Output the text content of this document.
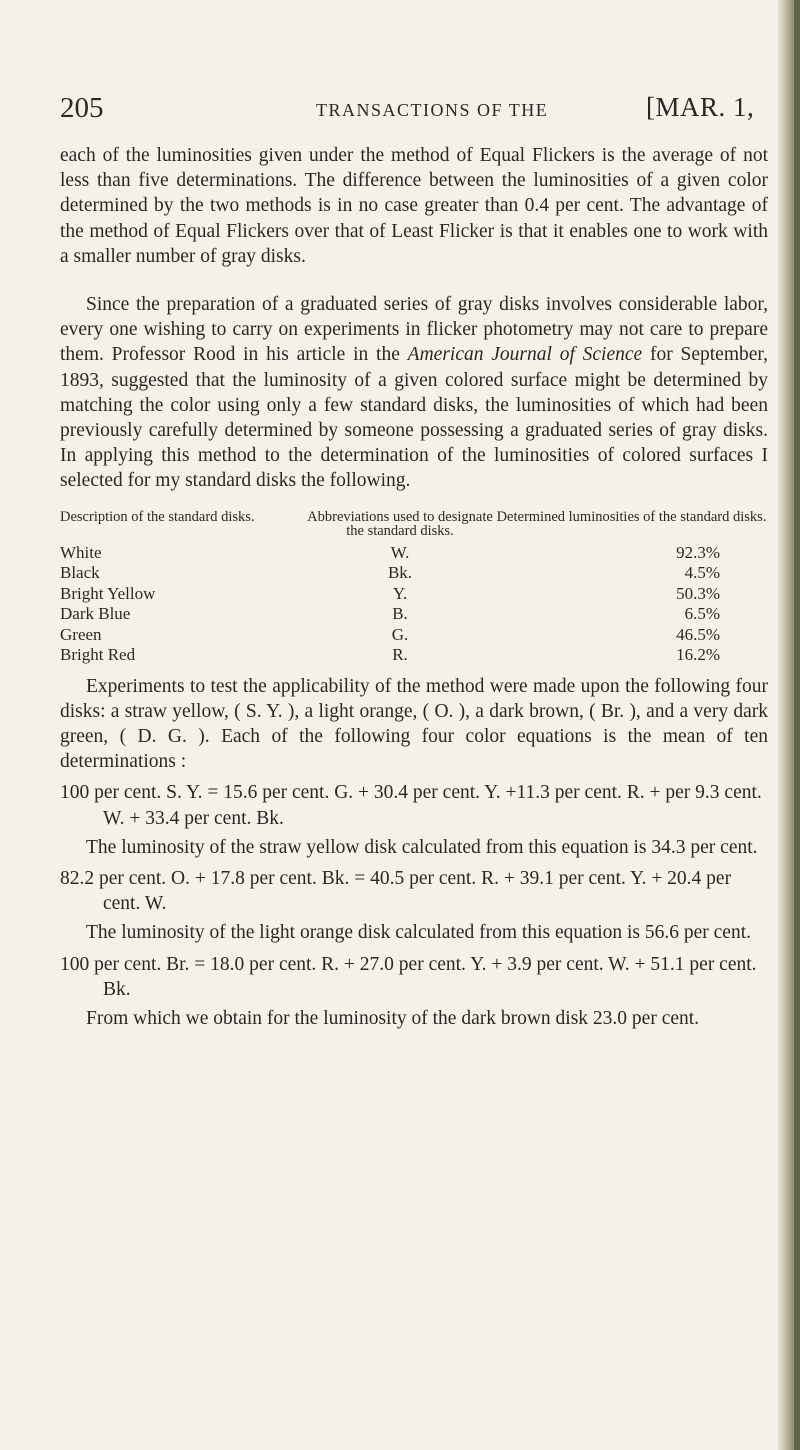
205	TRANSACTIONS OF THE	[MAR. 1,

each of the luminosities given under the method of Equal Flickers is the average of not less than five determinations. The difference between the luminosities of a given color determined by the two methods is in no case greater than 0.4 per cent. The advantage of the method of Equal Flickers over that of Least Flicker is that it enables one to work with a smaller number of gray disks.

Since the preparation of a graduated series of gray disks involves considerable labor, every one wishing to carry on experiments in flicker photometry may not care to prepare them. Professor Rood in his article in the American Journal of Science for September, 1893, suggested that the luminosity of a given colored surface might be determined by matching the color using only a few standard disks, the luminosities of which had been previously carefully determined by someone possessing a graduated series of gray disks. In applying this method to the determination of the luminosities of colored surfaces I selected for my standard disks the following.

Description of the standard disks.	Abbreviations used to designate the standard disks.	Determined luminosities of the standard disks.
White	W.	92.3%
Black	Bk.	4.5%
Bright Yellow	Y.	50.3%
Dark Blue	B.	6.5%
Green	G.	46.5%
Bright Red	R.	16.2%

Experiments to test the applicability of the method were made upon the following four disks: a straw yellow, ( S. Y. ), a light orange, ( O. ), a dark brown, ( Br. ), and a very dark green, ( D. G. ). Each of the following four color equations is the mean of ten determinations :

100 per cent. S. Y. = 15.6 per cent. G. + 30.4 per cent. Y. +11.3 per cent. R. + per 9.3 cent. W. + 33.4 per cent. Bk.

The luminosity of the straw yellow disk calculated from this equation is 34.3 per cent.

82.2 per cent. O. + 17.8 per cent. Bk. = 40.5 per cent. R. + 39.1 per cent. Y. + 20.4 per cent. W.

The luminosity of the light orange disk calculated from this equation is 56.6 per cent.

100 per cent. Br. = 18.0 per cent. R. + 27.0 per cent. Y. + 3.9 per cent. W. + 51.1 per cent. Bk.

From which we obtain for the luminosity of the dark brown disk 23.0 per cent.
